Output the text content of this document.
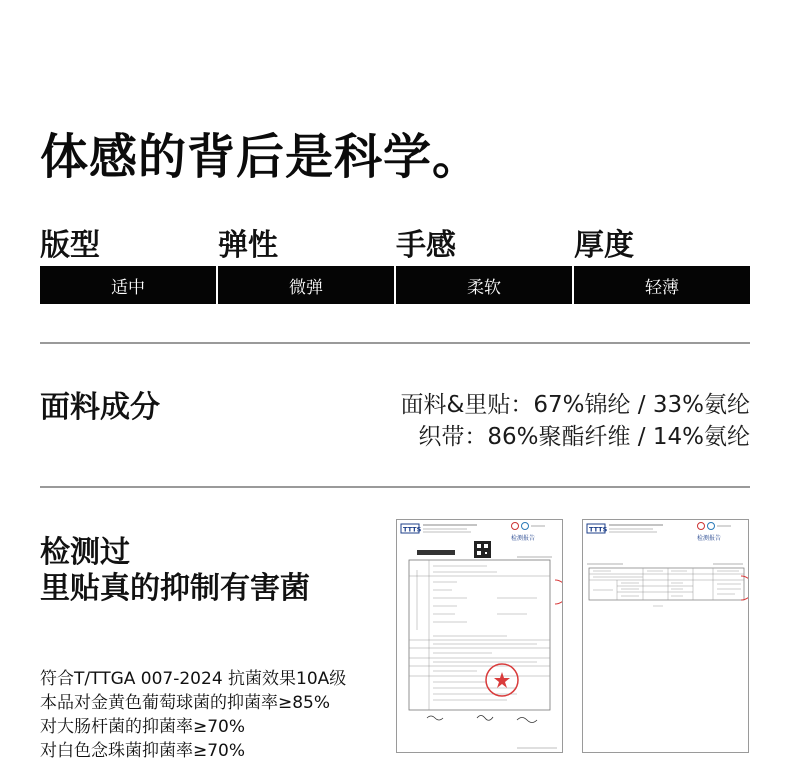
体感的背后是科学。
版型	弹性	手感	厚度
适中	微弹	柔软	轻薄
面料成分	面料&里贴：67%锦纶 / 33%氨纶
织带：86%聚酯纤维 / 14%氨纶
检测过
里贴真的抑制有害菌
符合T/TTGA 007-2024 抗菌效果10A级
本品对金黄色葡萄球菌的抑菌率≥85%
对大肠杆菌的抑菌率≥70%
对白色念珠菌抑菌率≥70%
TTTS
检测报告
TTTS
检测报告
